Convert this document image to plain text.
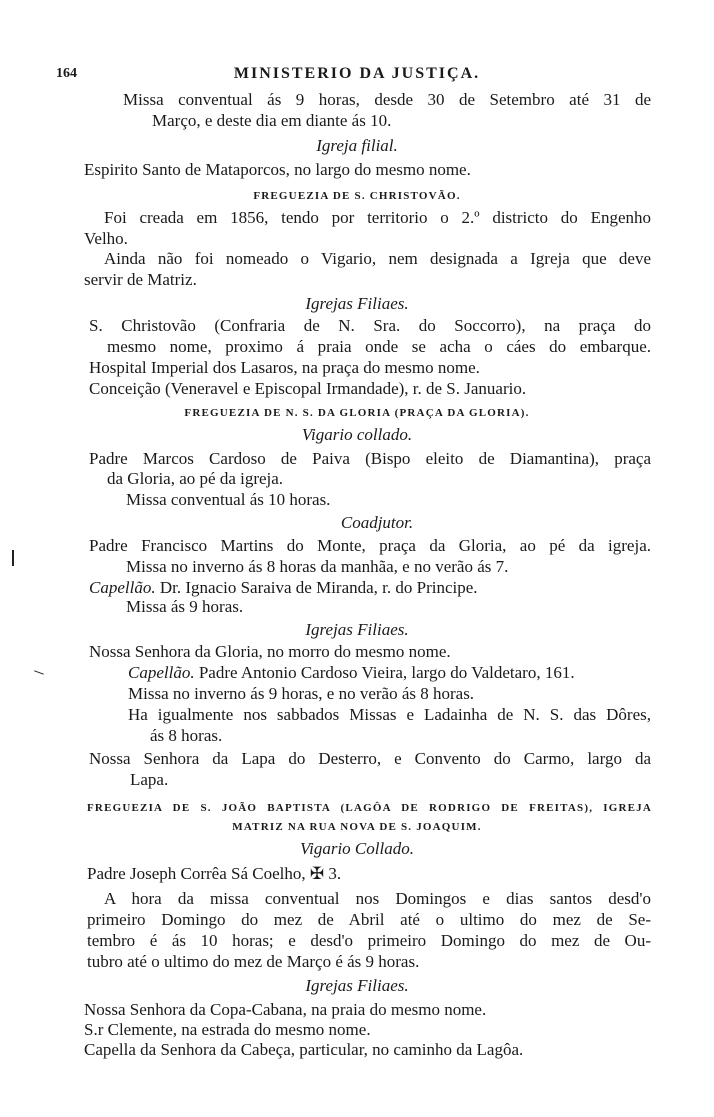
164	MINISTERIO DA JUSTIÇA.
Missa conventual ás 9 horas, desde 30 de Setembro até 31 de
Março, e deste dia em diante ás 10.
Igreja filial.
Espirito Santo de Mataporcos, no largo do mesmo nome.
FREGUEZIA DE S. CHRISTOVÃO.
Foi creada em 1856, tendo por territorio o 2.º districto do Engenho
Velho.
Ainda não foi nomeado o Vigario, nem designada a Igreja que deve
servir de Matriz.
Igrejas Filiaes.
S. Christovão (Confraria de N. Sra. do Soccorro), na praça do
mesmo nome, proximo á praia onde se acha o cáes do embarque.
Hospital Imperial dos Lasaros, na praça do mesmo nome.
Conceição (Veneravel e Episcopal Irmandade), r. de S. Januario.
FREGUEZIA DE N. S. DA GLORIA (PRAÇA DA GLORIA).
Vigario collado.
Padre Marcos Cardoso de Paiva (Bispo eleito de Diamantina), praça
da Gloria, ao pé da igreja.
Missa conventual ás 10 horas.
Coadjutor.
Padre Francisco Martins do Monte, praça da Gloria, ao pé da igreja.
Missa no inverno ás 8 horas da manhãa, e no verão ás 7.
Capellão. Dr. Ignacio Saraiva de Miranda, r. do Principe.
Missa ás 9 horas.
Igrejas Filiaes.
Nossa Senhora da Gloria, no morro do mesmo nome.
Capellão. Padre Antonio Cardoso Vieira, largo do Valdetaro, 161.
Missa no inverno ás 9 horas, e no verão ás 8 horas.
Ha igualmente nos sabbados Missas e Ladainha de N. S. das Dôres,
ás 8 horas.
Nossa Senhora da Lapa do Desterro, e Convento do Carmo, largo da
Lapa.
FREGUEZIA DE S. JOÃO BAPTISTA (LAGÔA DE RODRIGO DE FREITAS), IGREJA
MATRIZ NA RUA NOVA DE S. JOAQUIM.
Vigario Collado.
Padre Joseph Corrêa Sá Coelho, ✠ 3.
A hora da missa conventual nos Domingos e dias santos desd'o
primeiro Domingo do mez de Abril até o ultimo do mez de Se-
tembro é ás 10 horas; e desd'o primeiro Domingo do mez de Ou-
tubro até o ultimo do mez de Março é ás 9 horas.
Igrejas Filiaes.
Nossa Senhora da Copa-Cabana, na praia do mesmo nome.
S.r Clemente, na estrada do mesmo nome.
Capella da Senhora da Cabeça, particular, no caminho da Lagôa.
